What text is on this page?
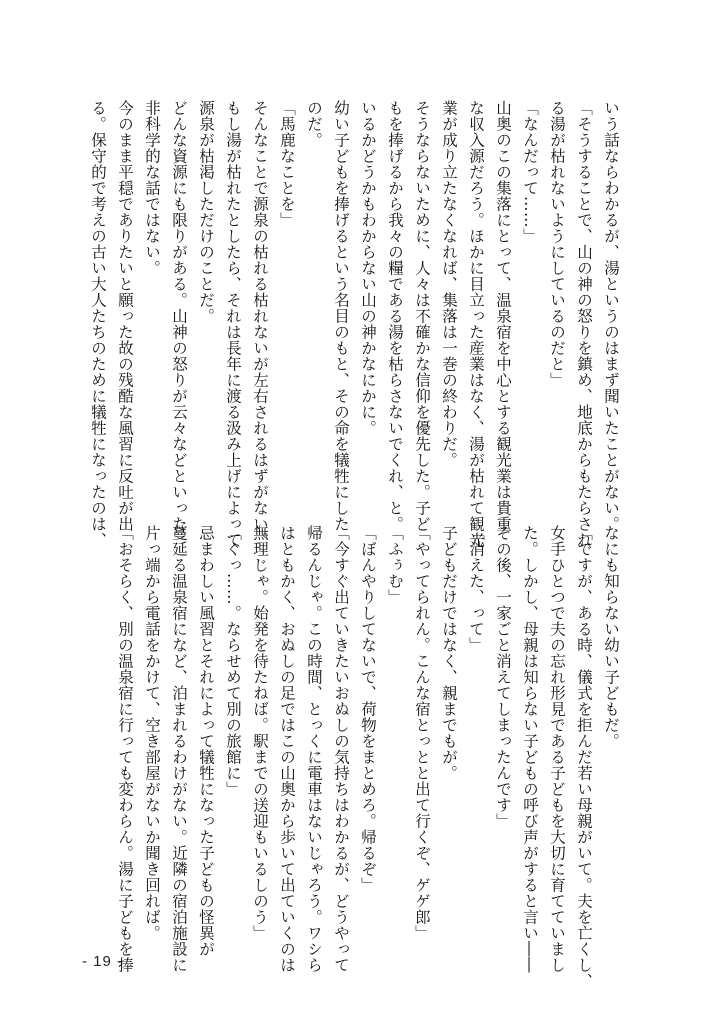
いう話ならわかるが、湯というのはまず聞いたことがない。
「そうすることで、山の神の怒りを鎮め、地底からもたらされ
る湯が枯れないようにしているのだと」
「なんだって……」
山奥のこの集落にとって、温泉宿を中心とする観光業は貴重
な収入源だろう。ほかに目立った産業はなく、湯が枯れて観光
業が成り立たなくなれば、集落は一巻の終わりだ。
そうならないために、人々は不確かな信仰を優先した。子ど
もを捧げるから我々の糧である湯を枯らさないでくれ、と。
いるかどうかもわからない山の神かなにかに。
幼い子どもを捧げるという名目のもと、その命を犠牲にした
のだ。
「馬鹿なことを」
そんなことで源泉の枯れる枯れないが左右されるはずがない。
もし湯が枯れたとしたら、それは長年に渡る汲み上げによって
源泉が枯渇しただけのことだ。
どんな資源にも限りがある。山神の怒りが云々などといった
非科学的な話ではない。
今のまま平穏でありたいと願った故の残酷な風習に反吐が出
る。保守的で考えの古い大人たちのために犠牲になったのは、
なにも知らない幼い子どもだ。
「ですが、ある時、儀式を拒んだ若い母親がいて。夫を亡くし、
女手ひとつで夫の忘れ形見である子どもを大切に育てていまし
た。しかし、母親は知らない子どもの呼び声がすると言い――
その後、一家ごと消えてしまったんです」
「消えた、って」
子どもだけではなく、親までもが。
「やってられん。こんな宿とっとと出て行くぞ、ゲゲ郎」
「ふぅむ」
「ぼんやりしてないで、荷物をまとめろ。帰るぞ」
「今すぐ出ていきたいおぬしの気持ちはわかるが、どうやって
帰るんじゃ。この時間、とっくに電車はないじゃろう。ワシら
はともかく、おぬしの足ではこの山奥から歩いて出ていくのは
無理じゃ。始発を待たねば。駅までの送迎もいるしのう」
「ぐっ……。ならせめて別の旅館に」
忌まわしい風習とそれによって犠牲になった子どもの怪異が
蔓延る温泉宿になど、泊まれるわけがない。近隣の宿泊施設に
片っ端から電話をかけて、空き部屋がないか聞き回れば。
「おそらく、別の温泉宿に行っても変わらん。湯に子どもを捧
- 19 -
